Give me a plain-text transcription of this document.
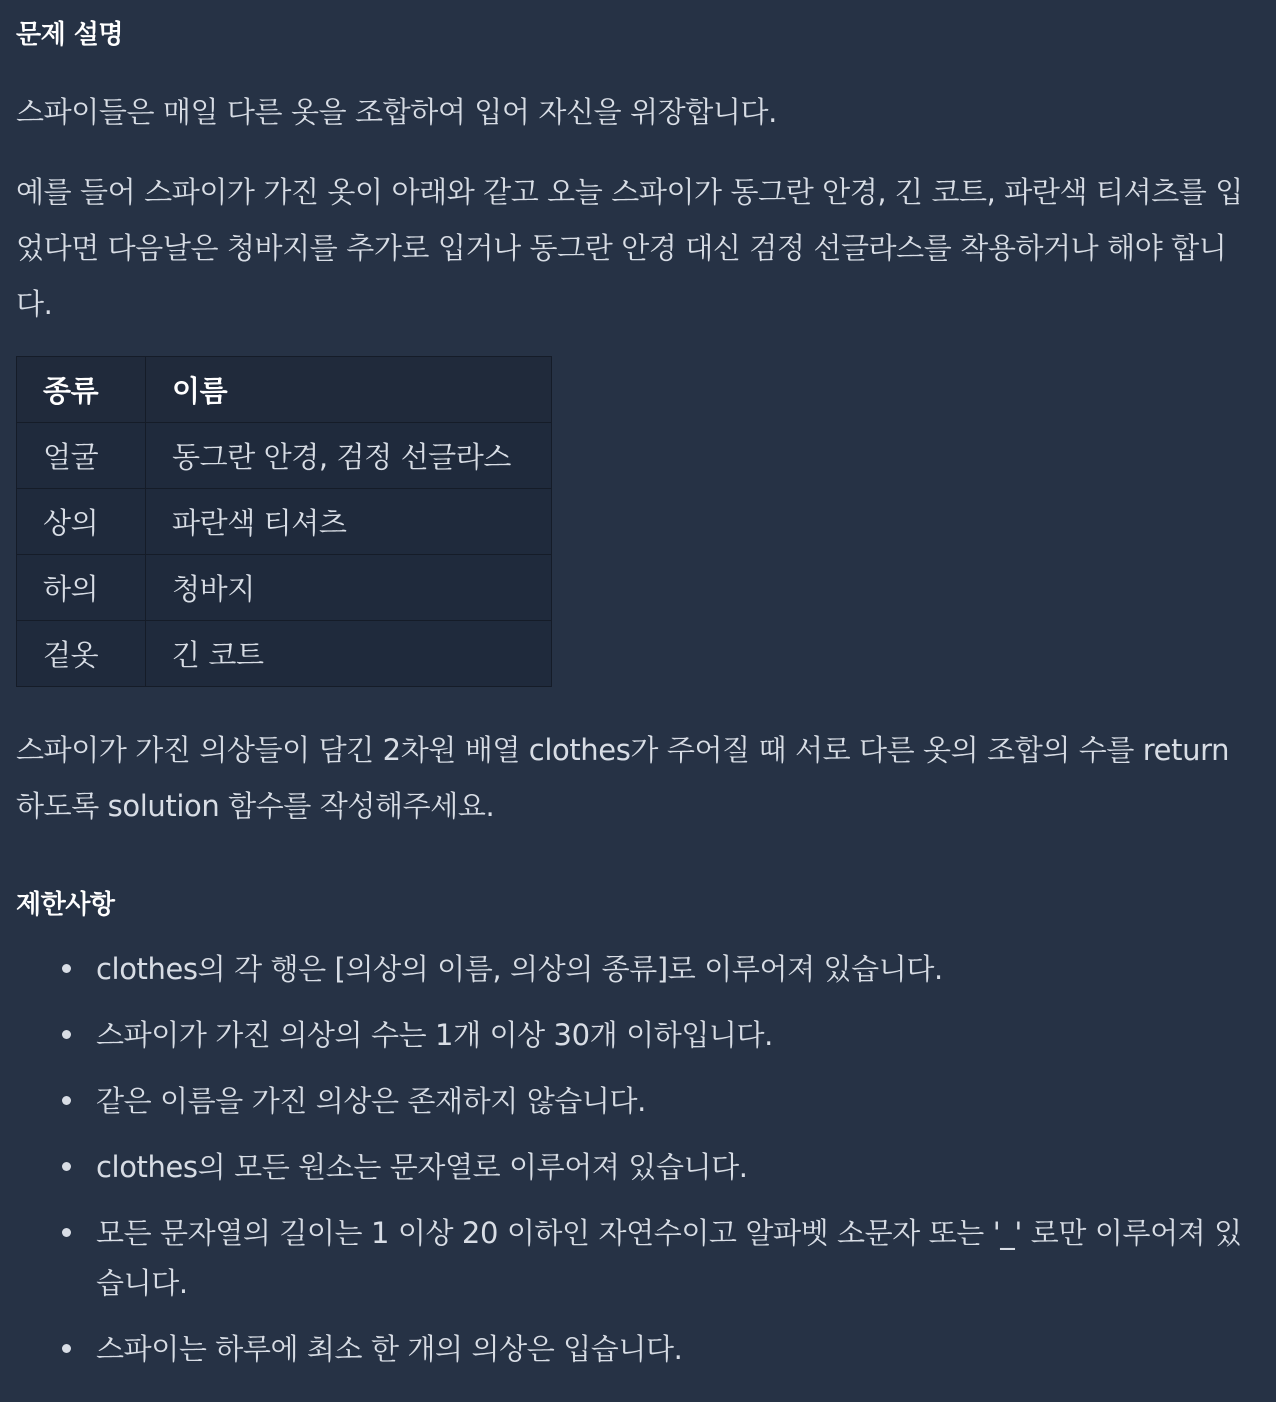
문제 설명
스파이들은 매일 다른 옷을 조합하여 입어 자신을 위장합니다.
예를 들어 스파이가 가진 옷이 아래와 같고 오늘 스파이가 동그란 안경, 긴 코트, 파란색 티셔츠를 입었다면 다음날은 청바지를 추가로 입거나 동그란 안경 대신 검정 선글라스를 착용하거나 해야 합니다.
종류	이름
얼굴	동그란 안경, 검정 선글라스
상의	파란색 티셔츠
하의	청바지
겉옷	긴 코트
스파이가 가진 의상들이 담긴 2차원 배열 clothes가 주어질 때 서로 다른 옷의 조합의 수를 return 하도록 solution 함수를 작성해주세요.
제한사항
clothes의 각 행은 [의상의 이름, 의상의 종류]로 이루어져 있습니다.
스파이가 가진 의상의 수는 1개 이상 30개 이하입니다.
같은 이름을 가진 의상은 존재하지 않습니다.
clothes의 모든 원소는 문자열로 이루어져 있습니다.
모든 문자열의 길이는 1 이상 20 이하인 자연수이고 알파벳 소문자 또는 '_' 로만 이루어져 있습니다.
스파이는 하루에 최소 한 개의 의상은 입습니다.
